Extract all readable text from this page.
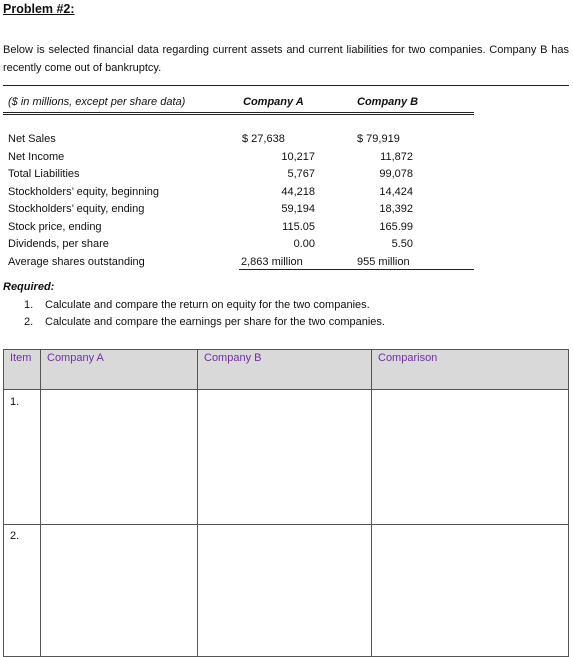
Problem #2:
Below is selected financial data regarding current assets and current liabilities for two companies. Company B has recently come out of bankruptcy.
($ in millions, except per share data)	Company A	Company B
Net Sales	$ 27,638	$ 79,919
Net Income	10,217	11,872
Total Liabilities	5,767	99,078
Stockholders’ equity, beginning	44,218	14,424
Stockholders’ equity, ending	59,194	18,392
Stock price, ending	115.05	165.99
Dividends, per share	0.00	5.50
Average shares outstanding	2,863 million	955 million
Required:
1. Calculate and compare the return on equity for the two companies.
2. Calculate and compare the earnings per share for the two companies.
Item	Company A	Company B	Comparison
1.			
2.			
